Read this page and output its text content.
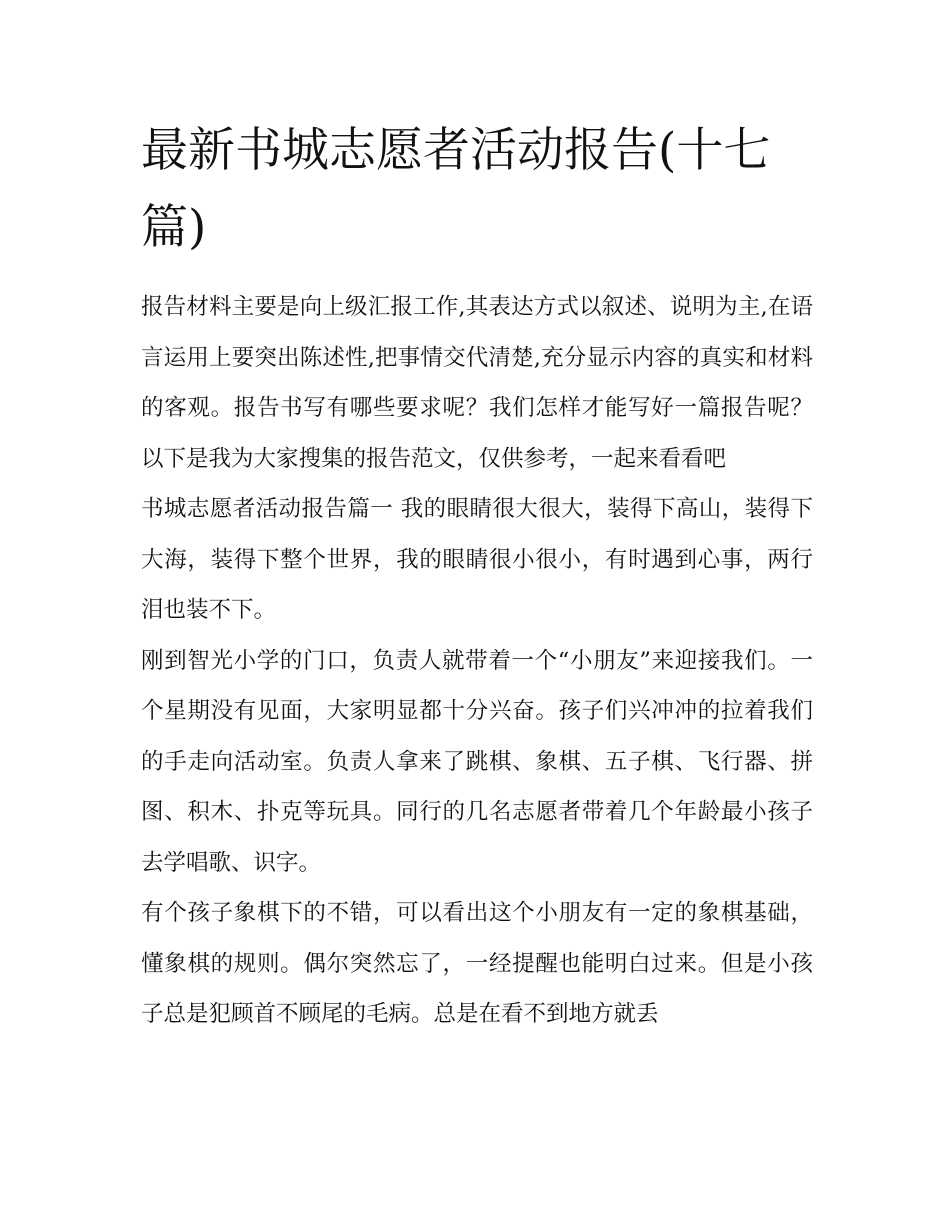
最新书城志愿者活动报告(十七篇)

报告材料主要是向上级汇报工作,其表达方式以叙述、说明为主,在语言运用上要突出陈述性,把事情交代清楚,充分显示内容的真实和材料的客观。报告书写有哪些要求呢？我们怎样才能写好一篇报告呢？以下是我为大家搜集的报告范文，仅供参考，一起来看看吧

书城志愿者活动报告篇一 我的眼睛很大很大，装得下高山，装得下大海，装得下整个世界，我的眼睛很小很小，有时遇到心事，两行泪也装不下。

刚到智光小学的门口，负责人就带着一个“小朋友”来迎接我们。一个星期没有见面，大家明显都十分兴奋。孩子们兴冲冲的拉着我们的手走向活动室。负责人拿来了跳棋、象棋、五子棋、飞行器、拼图、积木、扑克等玩具。同行的几名志愿者带着几个年龄最小孩子去学唱歌、识字。

有个孩子象棋下的不错，可以看出这个小朋友有一定的象棋基础，懂象棋的规则。偶尔突然忘了，一经提醒也能明白过来。但是小孩子总是犯顾首不顾尾的毛病。总是在看不到地方就丢
